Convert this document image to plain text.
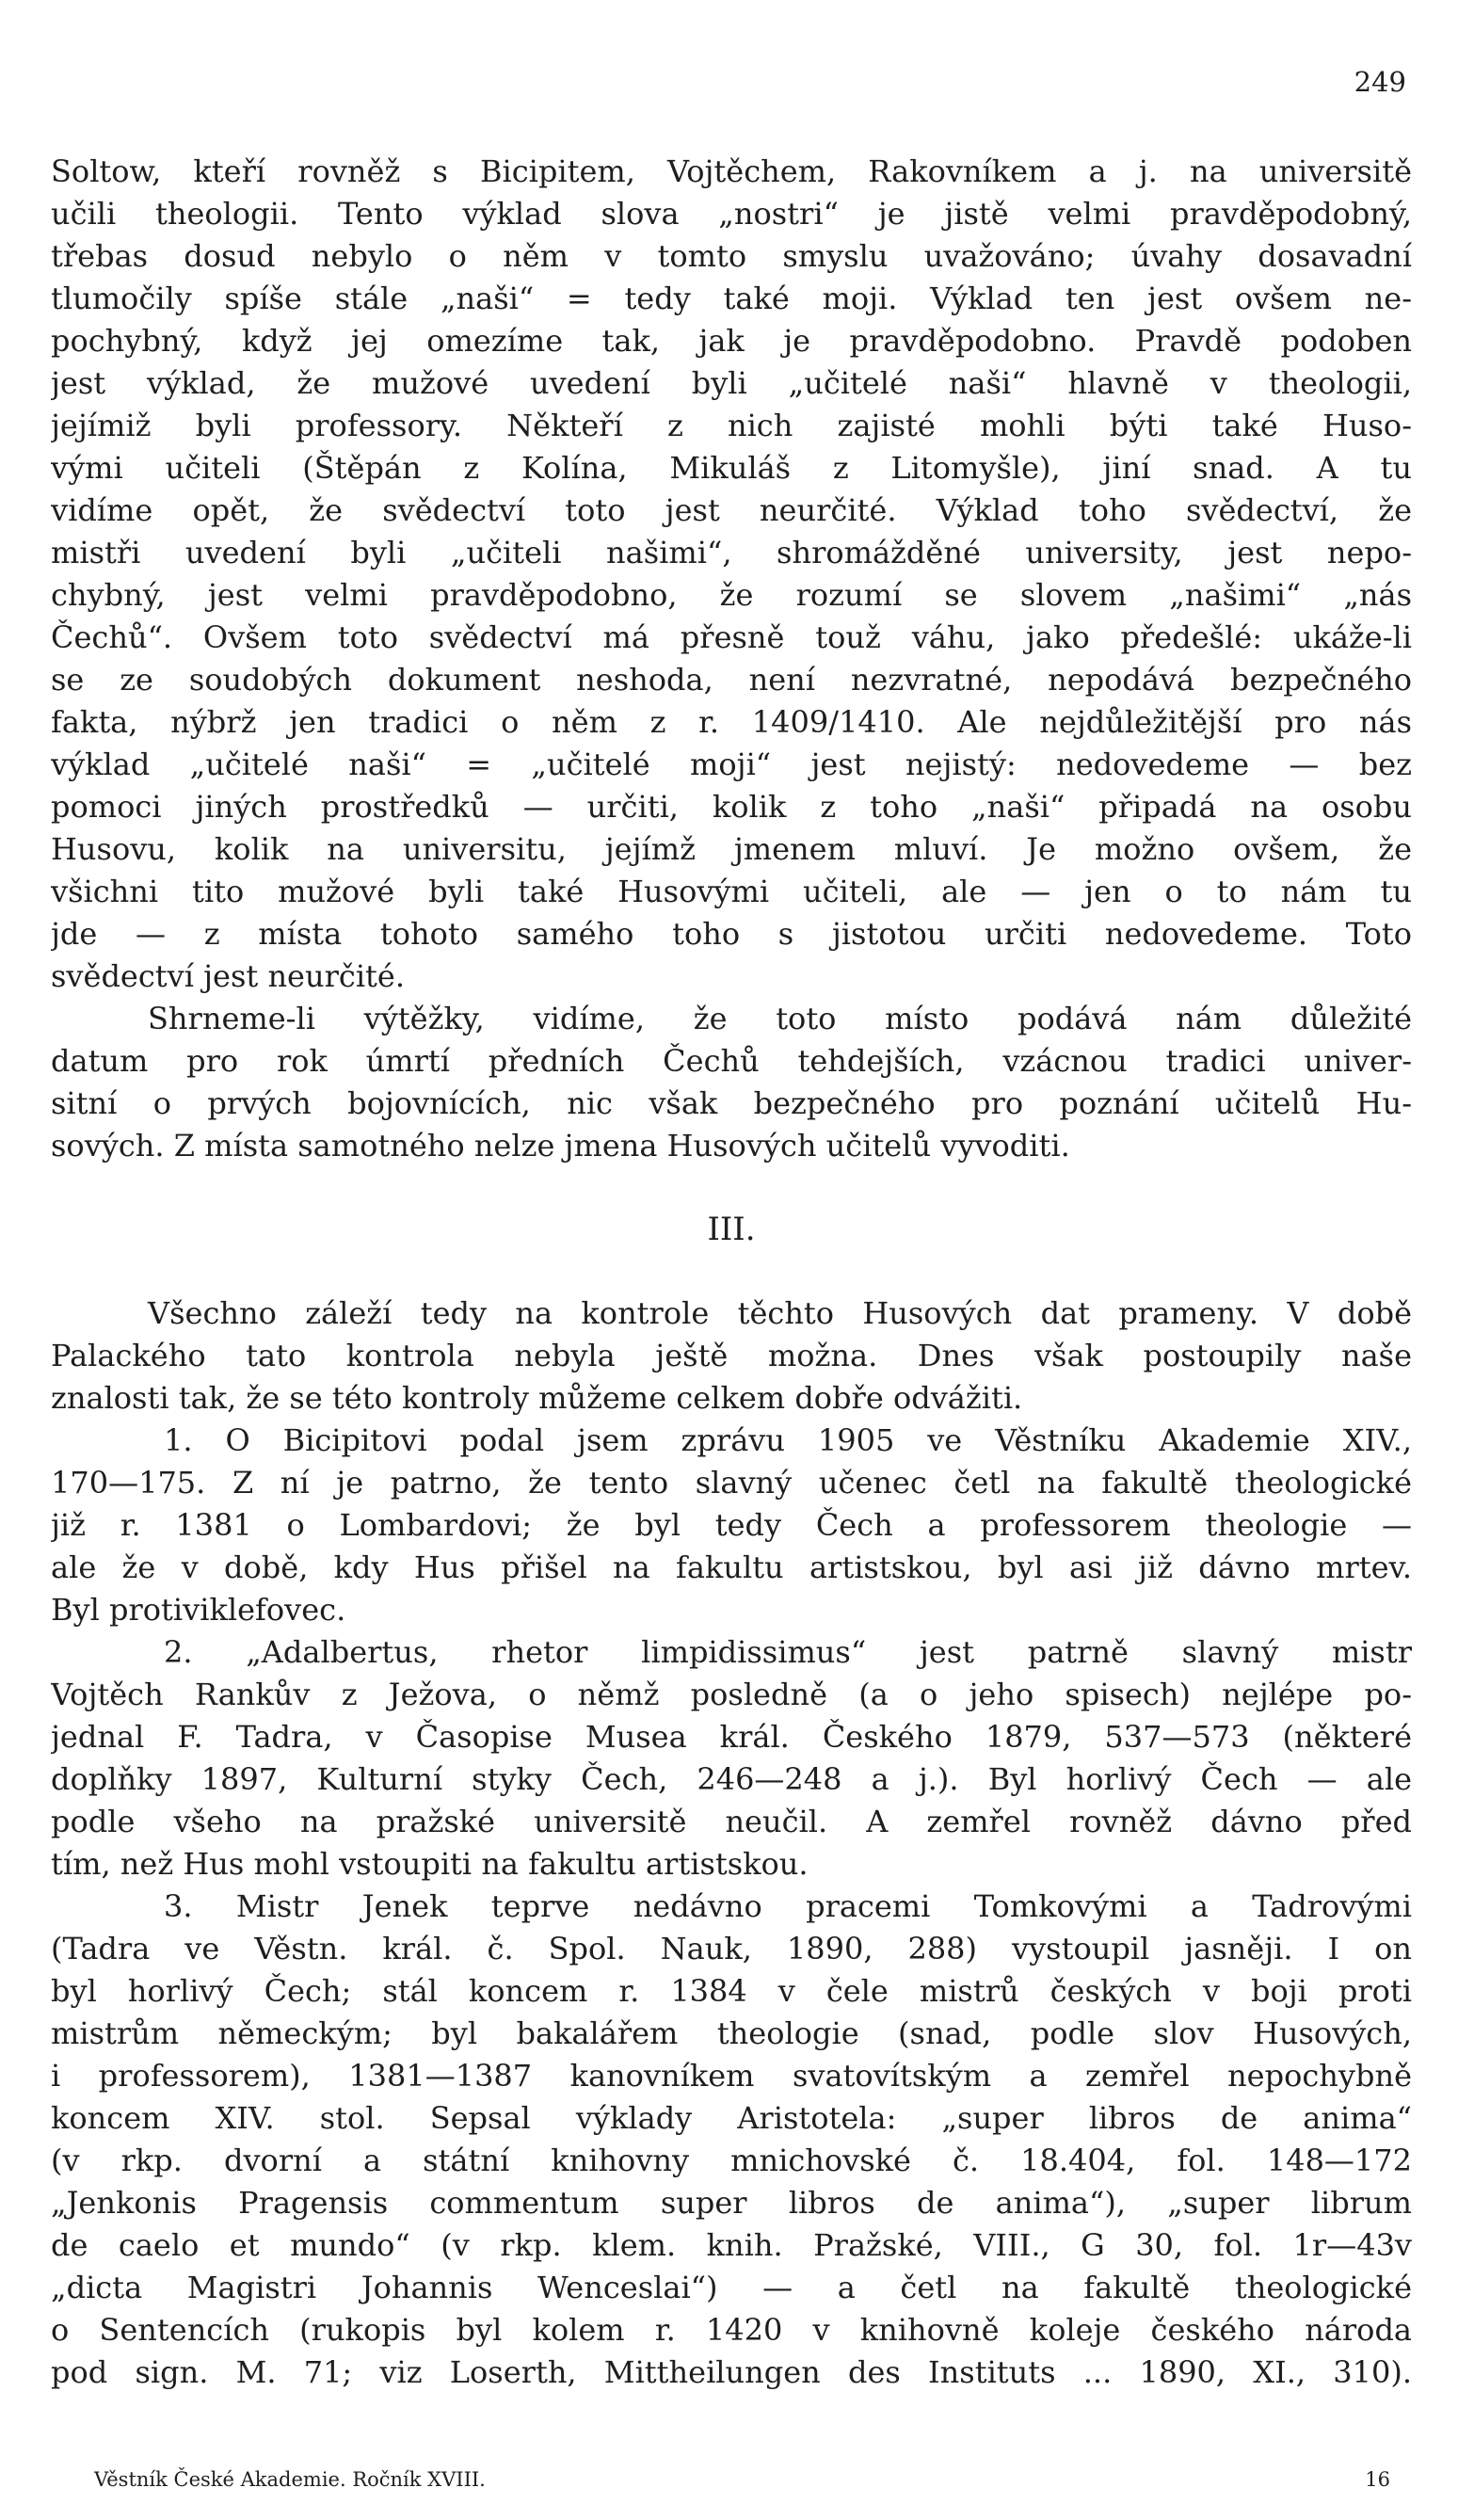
249
Soltow, kteří rovněž s Bicipitem, Vojtěchem, Rakovníkem a j. na universitě
učili theologii. Tento výklad slova „nostri“ je jistě velmi pravděpodobný,
třebas dosud nebylo o něm v tomto smyslu uvažováno; úvahy dosavadní
tlumočily spíše stále „naši“ = tedy také moji. Výklad ten jest ovšem ne-
pochybný, když jej omezíme tak, jak je pravděpodobno. Pravdě podoben
jest výklad, že mužové uvedení byli „učitelé naši“ hlavně v theologii,
jejímiž byli professory. Někteří z nich zajisté mohli býti také Huso-
vými učiteli (Štěpán z Kolína, Mikuláš z Litomyšle), jiní snad. A tu
vidíme opět, že svědectví toto jest neurčité. Výklad toho svědectví, že
mistři uvedení byli „učiteli našimi“, shromážděné university, jest nepo-
chybný, jest velmi pravděpodobno, že rozumí se slovem „našimi“ „nás
Čechů“. Ovšem toto svědectví má přesně touž váhu, jako předešlé: ukáže-li
se ze soudobých dokument neshoda, není nezvratné, nepodává bezpečného
fakta, nýbrž jen tradici o něm z r. 1409/1410. Ale nejdůležitější pro nás
výklad „učitelé naši“ = „učitelé moji“ jest nejistý: nedovedeme — bez
pomoci jiných prostředků — určiti, kolik z toho „naši“ připadá na osobu
Husovu, kolik na universitu, jejímž jmenem mluví. Je možno ovšem, že
všichni tito mužové byli také Husovými učiteli, ale — jen o to nám tu
jde — z místa tohoto samého toho s jistotou určiti nedovedeme. Toto
svědectví jest neurčité.
Shrneme-li výtěžky, vidíme, že toto místo podává nám důležité
datum pro rok úmrtí předních Čechů tehdejších, vzácnou tradici univer-
sitní o prvých bojovnících, nic však bezpečného pro poznání učitelů Hu-
sových. Z místa samotného nelze jmena Husových učitelů vyvoditi.
III.
Všechno záleží tedy na kontrole těchto Husových dat prameny. V době
Palackého tato kontrola nebyla ještě možna. Dnes však postoupily naše
znalosti tak, že se této kontroly můžeme celkem dobře odvážiti.
1. O Bicipitovi podal jsem zprávu 1905 ve Věstníku Akademie XIV.,
170—175. Z ní je patrno, že tento slavný učenec četl na fakultě theologické
již r. 1381 o Lombardovi; že byl tedy Čech a professorem theologie —
ale že v době, kdy Hus přišel na fakultu artistskou, byl asi již dávno mrtev.
Byl protiviklefovec.
2. „Adalbertus, rhetor limpidissimus“ jest patrně slavný mistr
Vojtěch Rankův z Ježova, o němž posledně (a o jeho spisech) nejlépe po-
jednal F. Tadra, v Časopise Musea král. Českého 1879, 537—573 (některé
doplňky 1897, Kulturní styky Čech, 246—248 a j.). Byl horlivý Čech — ale
podle všeho na pražské universitě neučil. A zemřel rovněž dávno před
tím, než Hus mohl vstoupiti na fakultu artistskou.
3. Mistr Jenek teprve nedávno pracemi Tomkovými a Tadrovými
(Tadra ve Věstn. král. č. Spol. Nauk, 1890, 288) vystoupil jasněji. I on
byl horlivý Čech; stál koncem r. 1384 v čele mistrů českých v boji proti
mistrům německým; byl bakalářem theologie (snad, podle slov Husových,
i professorem), 1381—1387 kanovníkem svatovítským a zemřel nepochybně
koncem XIV. stol. Sepsal výklady Aristotela: „super libros de anima“
(v rkp. dvorní a státní knihovny mnichovské č. 18.404, fol. 148—172
„Jenkonis Pragensis commentum super libros de anima“), „super librum
de caelo et mundo“ (v rkp. klem. knih. Pražské, VIII., G 30, fol. 1r—43v
„dicta Magistri Johannis Wenceslai“) — a četl na fakultě theologické
o Sentencích (rukopis byl kolem r. 1420 v knihovně koleje českého národa
pod sign. M. 71; viz Loserth, Mittheilungen des Instituts ... 1890, XI., 310).
Věstník České Akademie. Ročník XVIII.	16
